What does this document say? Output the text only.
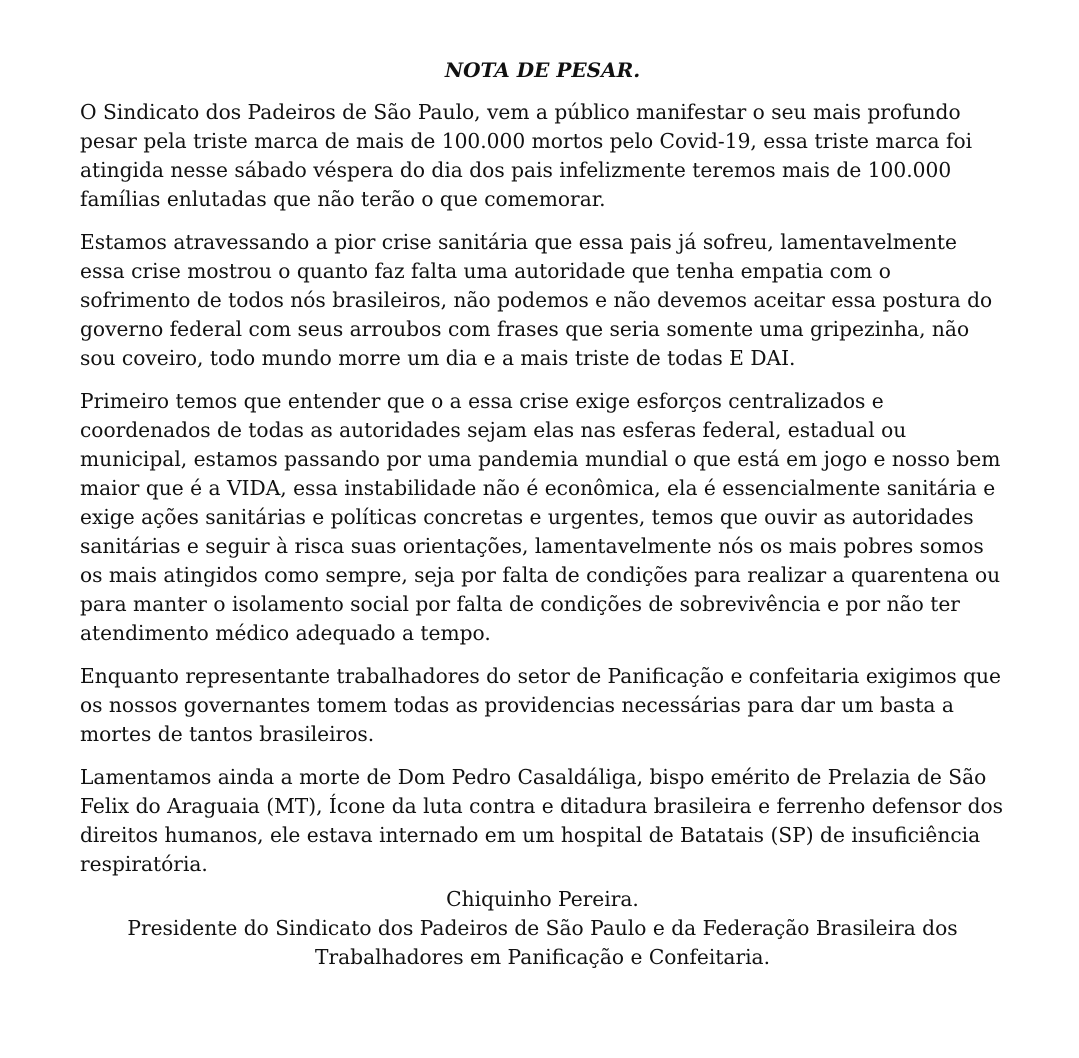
NOTA DE PESAR.

O Sindicato dos Padeiros de São Paulo, vem a público manifestar o seu mais profundo pesar pela triste marca de mais de 100.000 mortos pelo Covid-19, essa triste marca foi atingida nesse sábado véspera do dia dos pais infelizmente teremos mais de 100.000 famílias enlutadas que não terão o que comemorar.

Estamos atravessando a pior crise sanitária que essa pais já sofreu, lamentavelmente essa crise mostrou o quanto faz falta uma autoridade que tenha empatia com o sofrimento de todos nós brasileiros, não podemos e não devemos aceitar essa postura do governo federal com seus arroubos com frases que seria somente uma gripezinha, não sou coveiro, todo mundo morre um dia e a mais triste de todas E DAI.

Primeiro temos que entender que o a essa crise exige esforços centralizados e coordenados de todas as autoridades sejam elas nas esferas federal, estadual ou municipal, estamos passando por uma pandemia mundial o que está em jogo e nosso bem maior que é a VIDA, essa instabilidade não é econômica, ela é essencialmente sanitária e exige ações sanitárias e políticas concretas e urgentes, temos que ouvir as autoridades sanitárias e seguir à risca suas orientações, lamentavelmente nós os mais pobres somos os mais atingidos como sempre, seja por falta de condições para realizar a quarentena ou para manter o isolamento social por falta de condições de sobrevivência e por não ter atendimento médico adequado a tempo.

Enquanto representante trabalhadores do setor de Panificação e confeitaria exigimos que os nossos governantes tomem todas as providencias necessárias para dar um basta a mortes de tantos brasileiros.

Lamentamos ainda a morte de Dom Pedro Casaldáliga, bispo emérito de Prelazia de São Felix do Araguaia (MT), Ícone da luta contra e ditadura brasileira e ferrenho defensor dos direitos humanos, ele estava internado em um hospital de Batatais (SP) de insuficiência respiratória.

Chiquinho Pereira.
Presidente do Sindicato dos Padeiros de São Paulo e da Federação Brasileira dos
Trabalhadores em Panificação e Confeitaria.
